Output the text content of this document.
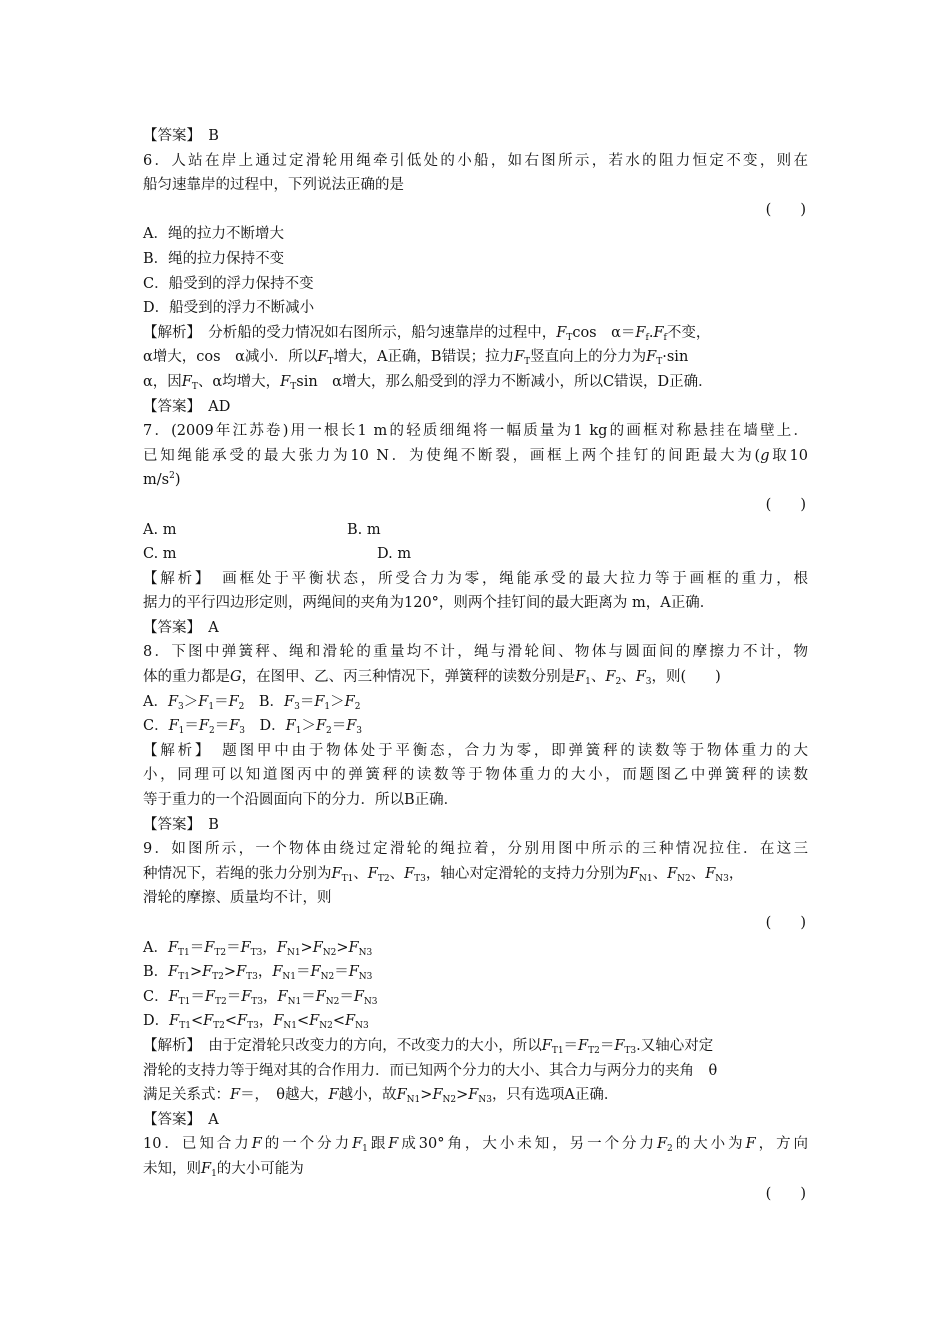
【答案】　 B
6．人站在岸上通过定滑轮用绳牵引低处的小船，如右图所示，若水的阻力恒定不变，则在
船匀速靠岸的过程中，下列说法正确的是
(　　)
A．绳的拉力不断增大
B．绳的拉力保持不变
C．船受到的浮力保持不变
D．船受到的浮力不断减小
【解析】　分析船的受力情况如右图所示，船匀速靠岸的过程中，$F_T\cos$　$\alpha=F_f.F_f$不变，
α增大，cos　α减小．所以$F_T$增大，A正确，B错误；拉力$F_T$竖直向上的分力为$F_T\cdot\sin$
α，因$F_T$、α均增大，$F_T\sin$　α增大，那么船受到的浮力不断减小，所以C错误，D正确．
【答案】　 AD
7．(2009年江苏卷)用一根长1 m的轻质细绳将一幅质量为1 kg的画框对称悬挂在墙壁上．
已知绳能承受的最大张力为10 N．为使绳不断裂，画框上两个挂钉的间距最大为(g取10
$m/s^2$)
(　　)
A. m	B. m
C. m	D. m
【解析】　画框处于平衡状态，所受合力为零，绳能承受的最大拉力等于画框的重力，根
据力的平行四边形定则，两绳间的夹角为120°，则两个挂钉间的最大距离为 m，A正确．
【答案】　 A
8．下图中弹簧秤、绳和滑轮的重量均不计，绳与滑轮间、物体与圆面间的摩擦力不计，物
体的重力都是G，在图甲、乙、丙三种情况下，弹簧秤的读数分别是$F_1$、$F_2$、$F_3$，则(　　)
A．$F_3>F_1=F_2$　B．$F_3=F_1>F_2$
C．$F_1=F_2=F_3$　D．$F_1>F_2=F_3$
【解析】　题图甲中由于物体处于平衡态，合力为零，即弹簧秤的读数等于物体重力的大
小，同理可以知道图丙中的弹簧秤的读数等于物体重力的大小，而题图乙中弹簧秤的读数
等于重力的一个沿圆面向下的分力．所以B正确．
【答案】　 B
9．如图所示，一个物体由绕过定滑轮的绳拉着，分别用图中所示的三种情况拉住．在这三
种情况下，若绳的张力分别为$F_{T1}$、$F_{T2}$、$F_{T3}$，轴心对定滑轮的支持力分别为$F_{N1}$、$F_{N2}$、$F_{N3}$，
滑轮的摩擦、质量均不计，则
(　　)
A．$F_{T1}=F_{T2}=F_{T3}$，$F_{N1}>F_{N2}>F_{N3}$
B．$F_{T1}>F_{T2}>F_{T3}$，$F_{N1}=F_{N2}=F_{N3}$
C．$F_{T1}=F_{T2}=F_{T3}$，$F_{N1}=F_{N2}=F_{N3}$
D．$F_{T1}<F_{T2}<F_{T3}$，$F_{N1}<F_{N2}<F_{N3}$
【解析】　由于定滑轮只改变力的方向，不改变力的大小，所以$F_{T1}=F_{T2}=F_{T3}$.又轴心对定
滑轮的支持力等于绳对其的合作用力．而已知两个分力的大小、其合力与两分力的夹角　θ
满足关系式：F＝，　θ越大，F越小，故$F_{N1}>F_{N2}>F_{N3}$，只有选项A正确．
【答案】　 A
10．已知合力F的一个分力$F_1$跟F成30°角，大小未知，另一个分力$F_2$的大小为F，方向
未知，则$F_1$的大小可能为
(　　)
